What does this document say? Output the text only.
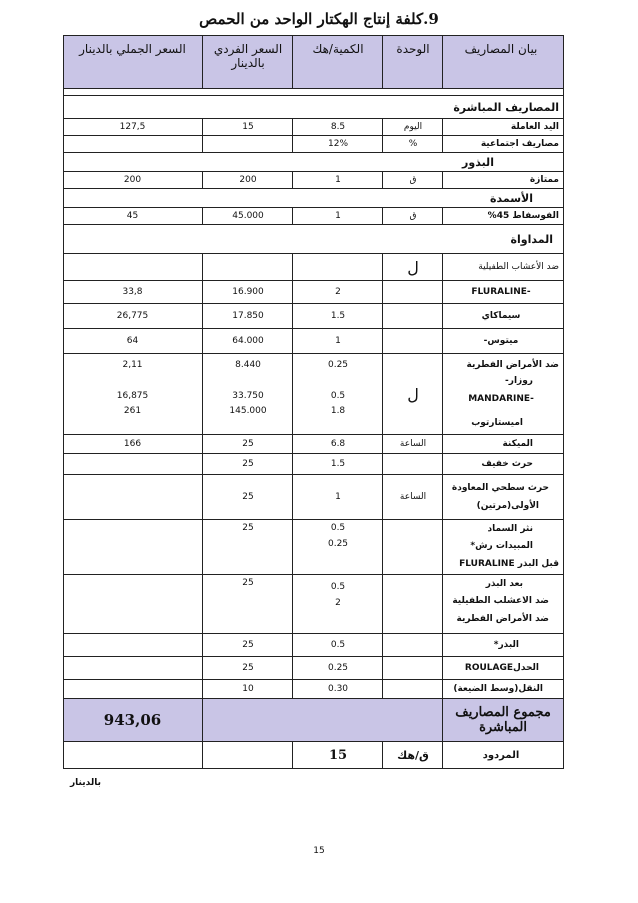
9.كلفة إنتاج الهكتار الواحد من الحمص
بيان المصاريف
الوحدة
الكمية/هك
السعر الفردي بالدينار
السعر الجملي بالدينار
المصاريف المباشرة
اليد العاملة
اليوم
8.5
15
127,5
مصاريف اجتماعية
%
12%
البذور
ممتازة
ق
1
200
200
الأسمدة
الفوسفاط 45%
ق
1
45.000
45
المداواة
ضد الأعشاب الطفيلية
ل
-FLURALINE
2
16.900
33,8
سيماكاي
1.5
17.850
26,775
ميتوس-
1
64.000
64
ضد الأمراض الفطرية
روزار-
-MANDARINE
اميستارتوب
ل
0.25
8.440
2,11
0.5
33.750
16,875
1.8
145.000
261
الميكنة
الساعة
6.8
25
166
حرث خفيف
1.5
25
حرث سطحي المعاودة
الأولى(مرتين)
الساعة
1
25
نثر السماد
المبيدات رش*
قبل البذر FLURALINE
0.5
25
0.25
بعد البذر
ضد الاعشلب الطفيلية
ضد الأمراض الفطرية
0.5
25
2
البذر*
0.5
25
الحدلROULAGE
0.25
25
النقل(وسط الضيعة)
0.30
10
مجموع المصاريف
المباشرة
943,06
المردود
ق/هك
15
بالدينار
15
